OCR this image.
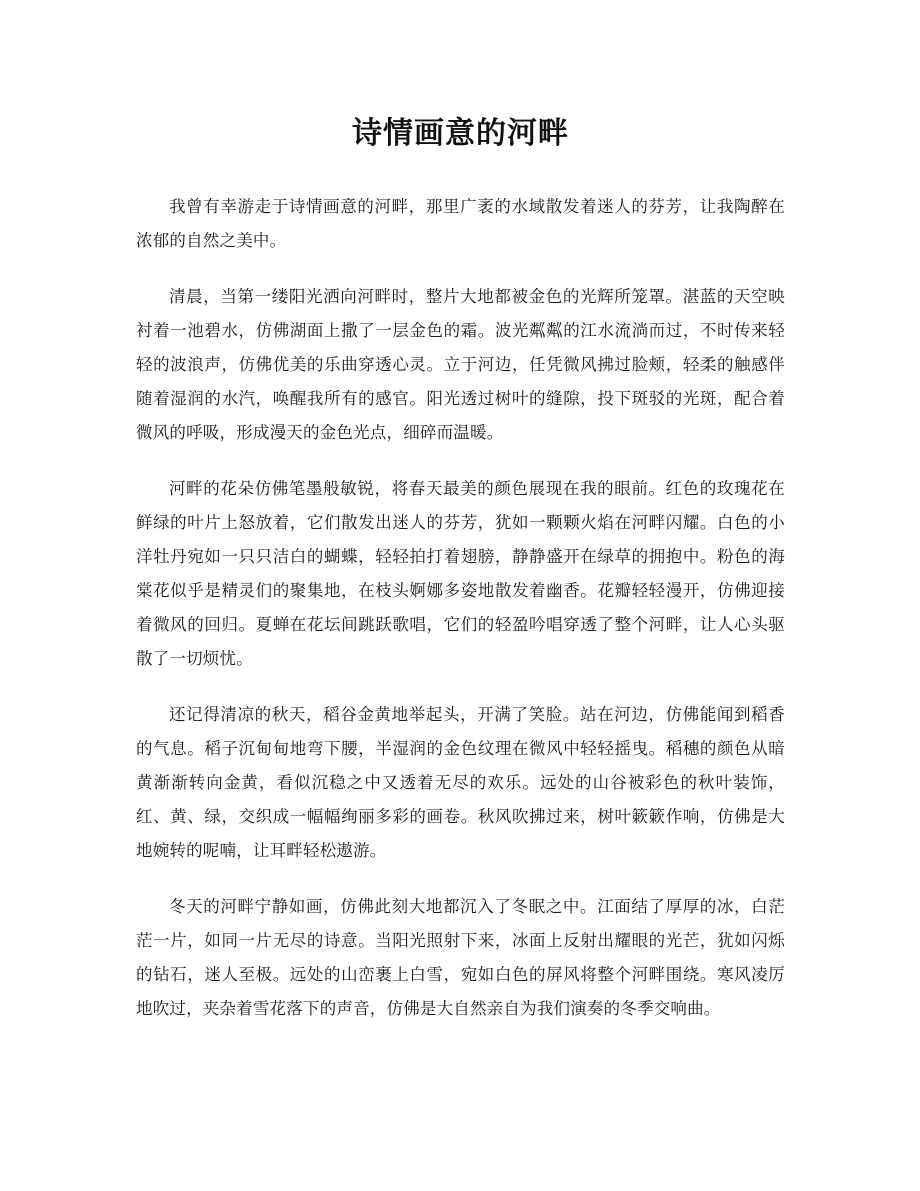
诗情画意的河畔

我曾有幸游走于诗情画意的河畔，那里广袤的水域散发着迷人的芬芳，让我陶醉在浓郁的自然之美中。

清晨，当第一缕阳光洒向河畔时，整片大地都被金色的光辉所笼罩。湛蓝的天空映衬着一池碧水，仿佛湖面上撒了一层金色的霜。波光粼粼的江水流淌而过，不时传来轻轻的波浪声，仿佛优美的乐曲穿透心灵。立于河边，任凭微风拂过脸颊，轻柔的触感伴随着湿润的水汽，唤醒我所有的感官。阳光透过树叶的缝隙，投下斑驳的光斑，配合着微风的呼吸，形成漫天的金色光点，细碎而温暖。

河畔的花朵仿佛笔墨般敏锐，将春天最美的颜色展现在我的眼前。红色的玫瑰花在鲜绿的叶片上怒放着，它们散发出迷人的芬芳，犹如一颗颗火焰在河畔闪耀。白色的小洋牡丹宛如一只只洁白的蝴蝶，轻轻拍打着翅膀，静静盛开在绿草的拥抱中。粉色的海棠花似乎是精灵们的聚集地，在枝头婀娜多姿地散发着幽香。花瓣轻轻漫开，仿佛迎接着微风的回归。夏蝉在花坛间跳跃歌唱，它们的轻盈吟唱穿透了整个河畔，让人心头驱散了一切烦忧。

还记得清凉的秋天，稻谷金黄地举起头，开满了笑脸。站在河边，仿佛能闻到稻香的气息。稻子沉甸甸地弯下腰，半湿润的金色纹理在微风中轻轻摇曳。稻穗的颜色从暗黄渐渐转向金黄，看似沉稳之中又透着无尽的欢乐。远处的山谷被彩色的秋叶装饰，红、黄、绿，交织成一幅幅绚丽多彩的画卷。秋风吹拂过来，树叶簌簌作响，仿佛是大地婉转的呢喃，让耳畔轻松遨游。

冬天的河畔宁静如画，仿佛此刻大地都沉入了冬眠之中。江面结了厚厚的冰，白茫茫一片，如同一片无尽的诗意。当阳光照射下来，冰面上反射出耀眼的光芒，犹如闪烁的钻石，迷人至极。远处的山峦裹上白雪，宛如白色的屏风将整个河畔围绕。寒风凌厉地吹过，夹杂着雪花落下的声音，仿佛是大自然亲自为我们演奏的冬季交响曲。
